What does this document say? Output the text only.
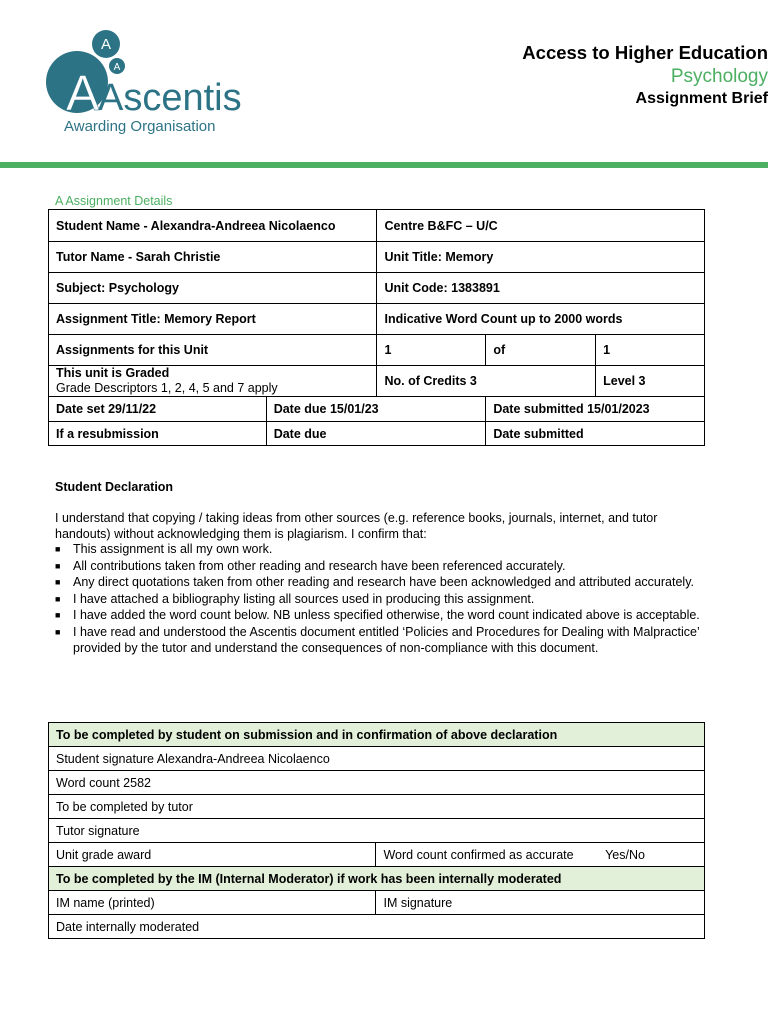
A
A
A
Ascentis
Awarding Organisation
Access to Higher Education
Psychology
Assignment Brief
A Assignment Details
Student Name - Alexandra-Andreea Nicolaenco		Centre B&FC – U/C		
Tutor Name - Sarah Christie		Unit Title: Memory		
Subject: Psychology		Unit Code: 1383891		
Assignment Title: Memory Report		Indicative Word Count up to 2000 words		
Assignments for this Unit		1	of	1
This unit is Graded
Grade Descriptors 1, 2, 4, 5 and 7 apply		No. of Credits 3		Level 3
Date set 29/11/22	Date due 15/01/23		Date submitted 15/01/2023	
If a resubmission	Date due		Date submitted	
Student Declaration
I understand that copying / taking ideas from other sources (e.g. reference books, journals, internet, and tutor handouts) without acknowledging them is plagiarism. I confirm that:
■ This assignment is all my own work.
■ All contributions taken from other reading and research have been referenced accurately.
■ Any direct quotations taken from other reading and research have been acknowledged and attributed accurately.
■ I have attached a bibliography listing all sources used in producing this assignment.
■ I have added the word count below. NB unless specified otherwise, the word count indicated above is acceptable.
■ I have read and understood the Ascentis document entitled ‘Policies and Procedures for Dealing with Malpractice’ provided by the tutor and understand the consequences of non-compliance with this document.
To be completed by student on submission and in confirmation of above declaration	
Student signature Alexandra-Andreea Nicolaenco	
Word count 2582	
To be completed by tutor	
Tutor signature	
Unit grade award	Word count confirmed as accurate Yes/No
To be completed by the IM (Internal Moderator) if work has been internally moderated	
IM name (printed)	IM signature
Date internally moderated	
